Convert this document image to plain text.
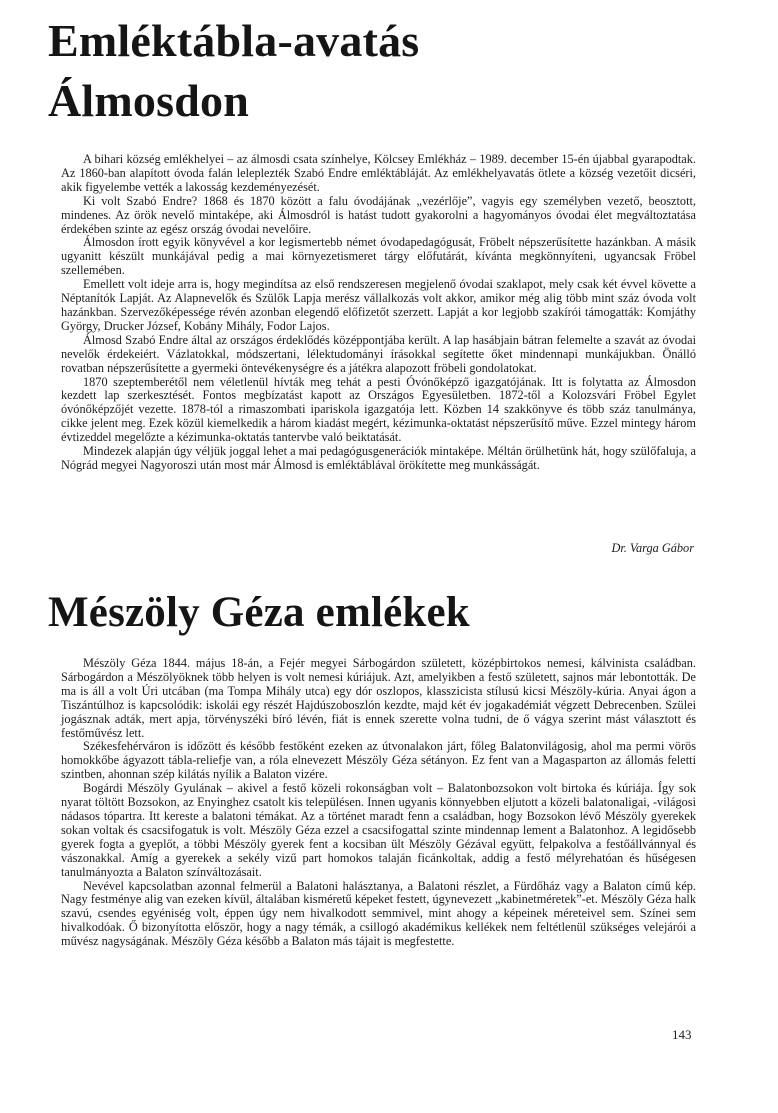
Emléktábla-avatás
Álmosdon

A bihari község emlékhelyei – az álmosdi csata színhelye, Kölcsey Emlékház – 1989. december 15-én újabbal gyarapodtak. Az 1860-ban alapított óvoda falán leleplezték Szabó Endre emléktábláját. Az emlékhelyavatás ötlete a község vezetőit dicséri, akik figyelembe vették a lakosság kezdeményezését.

Ki volt Szabó Endre? 1868 és 1870 között a falu óvodájának „vezérlője”, vagyis egy személyben vezető, beosztott, mindenes. Az örök nevelő mintaképe, aki Álmosdról is hatást tudott gyakorolni a hagyományos óvodai élet megváltoztatása érdekében szinte az egész ország óvodai nevelőire.

Álmosdon írott egyik könyvével a kor legismertebb német óvodapedagógusát, Fröbelt népszerűsítette hazánkban. A másik ugyanitt készült munkájával pedig a mai környezetismeret tárgy előfutárát, kívánta megkönnyíteni, ugyancsak Fröbel szellemében.

Emellett volt ideje arra is, hogy megindítsa az első rendszeresen megjelenő óvodai szaklapot, mely csak két évvel követte a Néptanítók Lapját. Az Alapnevelők és Szülők Lapja merész vállalkozás volt akkor, amikor még alig több mint száz óvoda volt hazánkban. Szervezőképessége révén azonban elegendő előfizetőt szerzett. Lapját a kor legjobb szakírói támogatták: Komjáthy György, Drucker József, Kobány Mihály, Fodor Lajos.

Álmosd Szabó Endre által az országos érdeklődés középpontjába került. A lap hasábjain bátran felemelte a szavát az óvodai nevelők érdekeiért. Vázlatokkal, módszertani, lélektudományi írásokkal segítette őket mindennapi munkájukban. Önálló rovatban népszerűsítette a gyermeki öntevékenységre és a játékra alapozott fröbeli gondolatokat.

1870 szeptemberétől nem véletlenül hívták meg tehát a pesti Óvónőképző igazgatójának. Itt is folytatta az Álmosdon kezdett lap szerkesztését. Fontos megbízatást kapott az Országos Egyesületben. 1872-től a Kolozsvári Fröbel Egylet óvónőképzőjét vezette. 1878-tól a rimaszombati ipariskola igazgatója lett. Közben 14 szakkönyve és több száz tanulmánya, cikke jelent meg. Ezek közül kiemelkedik a három kiadást megért, kézimunka-oktatást népszerűsítő műve. Ezzel mintegy három évtizeddel megelőzte a kézimunka-oktatás tantervbe való beiktatását.

Mindezek alapján úgy véljük joggal lehet a mai pedagógusgenerációk mintaképe. Méltán örülhetünk hát, hogy szülőfaluja, a Nógrád megyei Nagyoroszi után most már Álmosd is emléktáblával örökítette meg munkásságát.

Dr. Varga Gábor

Mészöly Géza emlékek

Mészöly Géza 1844. május 18-án, a Fejér megyei Sárbogárdon született, középbirtokos nemesi, kálvinista családban. Sárbogárdon a Mészölyöknek több helyen is volt nemesi kúriájuk. Azt, amelyikben a festő született, sajnos már lebontották. De ma is áll a volt Úri utcában (ma Tompa Mihály utca) egy dór oszlopos, klasszicista stílusú kicsi Mészöly-kúria. Anyai ágon a Tiszántúlhoz is kapcsolódik: iskolái egy részét Hajdúszoboszlón kezdte, majd két év jogakadémiát végzett Debrecenben. Szülei jogásznak adták, mert apja, törvényszéki bíró lévén, fiát is ennek szerette volna tudni, de ő vágya szerint mást választott és festőművész lett.

Székesfehérváron is időzött és később festőként ezeken az útvonalakon járt, főleg Balatonvilágosig, ahol ma permi vörös homokkőbe ágyazott tábla-reliefje van, a róla elnevezett Mészöly Géza sétányon. Ez fent van a Magasparton az állomás feletti szintben, ahonnan szép kilátás nyílik a Balaton vizére.

Bogárdi Mészöly Gyulának – akivel a festő közeli rokonságban volt – Balatonbozsokon volt birtoka és kúriája. Így sok nyarat töltött Bozsokon, az Enyinghez csatolt kis településen. Innen ugyanis könnyebben eljutott a közeli balatonaligai, -világosi nádasos tópartra. Itt kereste a balatoni témákat. Az a történet maradt fenn a családban, hogy Bozsokon lévő Mészöly gyerekek sokan voltak és csacsifogatuk is volt. Mészöly Géza ezzel a csacsifogattal szinte mindennap lement a Balatonhoz. A legidősebb gyerek fogta a gyeplőt, a többi Mészöly gyerek fent a kocsiban ült Mészöly Gézával együtt, felpakolva a festőállvánnyal és vászonakkal. Amíg a gyerekek a sekély vizű part homokos talaján ficánkoltak, addig a festő mélyrehatóan és hűségesen tanulmányozta a Balaton színváltozásait.

Nevével kapcsolatban azonnal felmerül a Balatoni halásztanya, a Balatoni részlet, a Fürdőház vagy a Balaton című kép. Nagy festménye alig van ezeken kívül, általában kisméretű képeket festett, úgynevezett „kabinetméretek”-et. Mészöly Géza halk szavú, csendes egyéniség volt, éppen úgy nem hivalkodott semmivel, mint ahogy a képeinek méreteivel sem. Színei sem hivalkodóak. Ő bizonyította először, hogy a nagy témák, a csillogó akadémikus kellékek nem feltétlenül szükséges velejárói a művész nagyságának. Mészöly Géza később a Balaton más tájait is megfestette.

143
